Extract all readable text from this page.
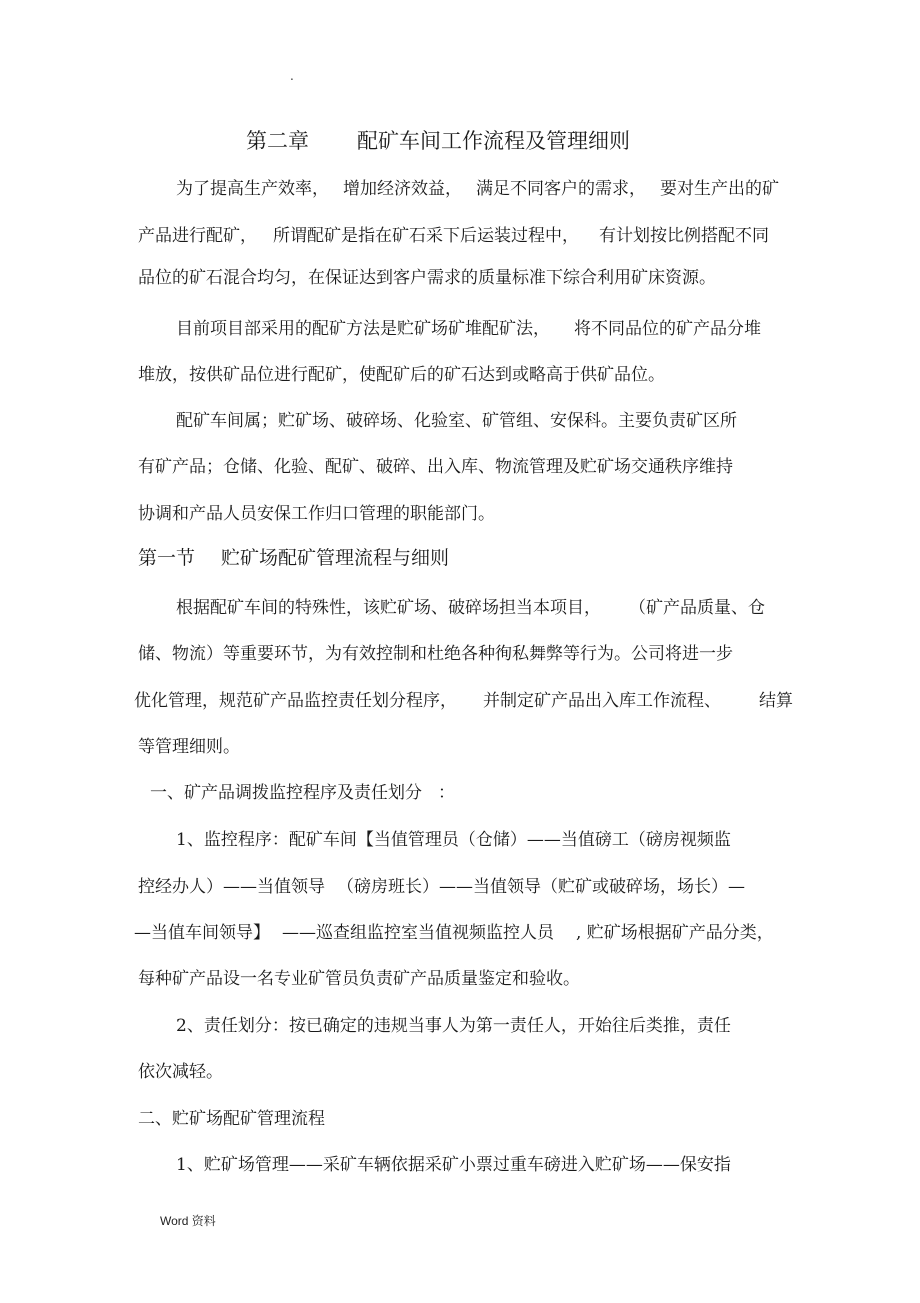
.
第二章 配矿车间工作流程及管理细则
为了提高生产效率， 增加经济效益， 满足不同客户的需求， 要对生产出的矿
产品进行配矿， 所谓配矿是指在矿石采下后运装过程中， 有计划按比例搭配不同
品位的矿石混合均匀，在保证达到客户需求的质量标准下综合利用矿床资源。
目前项目部采用的配矿方法是贮矿场矿堆配矿法， 将不同品位的矿产品分堆
堆放，按供矿品位进行配矿，使配矿后的矿石达到或略高于供矿品位。
配矿车间属；贮矿场、破碎场、化验室、矿管组、安保科。主要负责矿区所
有矿产品；仓储、化验、配矿、破碎、出入库、物流管理及贮矿场交通秩序维持
协调和产品人员安保工作归口管理的职能部门。
第一节 贮矿场配矿管理流程与细则
根据配矿车间的特殊性，该贮矿场、破碎场担当本项目， （矿产品质量、仓
储、物流）等重要环节，为有效控制和杜绝各种徇私舞弊等行为。公司将进一步
优化管理，规范矿产品监控责任划分程序， 并制定矿产品出入库工作流程、 结算
等管理细则。
一、矿产品调拨监控程序及责任划分 ：
1、监控程序：配矿车间【当值管理员（仓储）——当值磅工（磅房视频监
控经办人）——当值领导 （磅房班长）——当值领导（贮矿或破碎场，场长）—
—当值车间领导】 ——巡查组监控室当值视频监控人员 , 贮矿场根据矿产品分类，
每种矿产品设一名专业矿管员负责矿产品质量鉴定和验收。
2、责任划分：按已确定的违规当事人为第一责任人，开始往后类推，责任
依次减轻。
二、贮矿场配矿管理流程
1、贮矿场管理——采矿车辆依据采矿小票过重车磅进入贮矿场——保安指
Word 资料
